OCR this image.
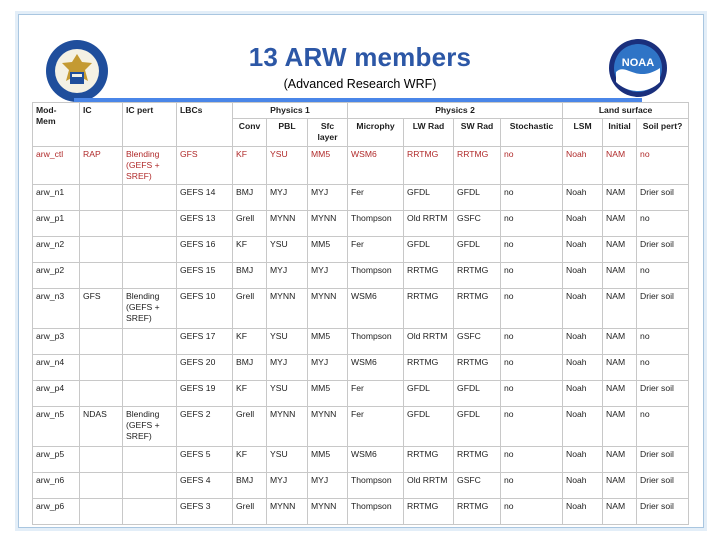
NOAA
13 ARW members
(Advanced Research WRF)
Mod-Mem	IC	IC pert	LBCs	Physics 1			Physics 2				Land surface		
				Conv	PBL	Sfc layer	Microphy	LW Rad	SW Rad	Stochastic	LSM	Initial	Soil pert?
arw_ctl	RAP	Blending (GEFS + SREF)	GFS	KF	YSU	MM5	WSM6	RRTMG	RRTMG	no	Noah	NAM	no
arw_n1			GEFS 14	BMJ	MYJ	MYJ	Fer	GFDL	GFDL	no	Noah	NAM	Drier soil
arw_p1			GEFS 13	Grell	MYNN	MYNN	Thompson	Old RRTM	GSFC	no	Noah	NAM	no
arw_n2			GEFS 16	KF	YSU	MM5	Fer	GFDL	GFDL	no	Noah	NAM	Drier soil
arw_p2			GEFS 15	BMJ	MYJ	MYJ	Thompson	RRTMG	RRTMG	no	Noah	NAM	no
arw_n3	GFS	Blending (GEFS + SREF)	GEFS 10	Grell	MYNN	MYNN	WSM6	RRTMG	RRTMG	no	Noah	NAM	Drier soil
arw_p3			GEFS 17	KF	YSU	MM5	Thompson	Old RRTM	GSFC	no	Noah	NAM	no
arw_n4			GEFS 20	BMJ	MYJ	MYJ	WSM6	RRTMG	RRTMG	no	Noah	NAM	no
arw_p4			GEFS 19	KF	YSU	MM5	Fer	GFDL	GFDL	no	Noah	NAM	Drier soil
arw_n5	NDAS	Blending (GEFS + SREF)	GEFS 2	Grell	MYNN	MYNN	Fer	GFDL	GFDL	no	Noah	NAM	no
arw_p5			GEFS 5	KF	YSU	MM5	WSM6	RRTMG	RRTMG	no	Noah	NAM	Drier soil
arw_n6			GEFS 4	BMJ	MYJ	MYJ	Thompson	Old RRTM	GSFC	no	Noah	NAM	Drier soil
arw_p6			GEFS 3	Grell	MYNN	MYNN	Thompson	RRTMG	RRTMG	no	Noah	NAM	Drier soil
